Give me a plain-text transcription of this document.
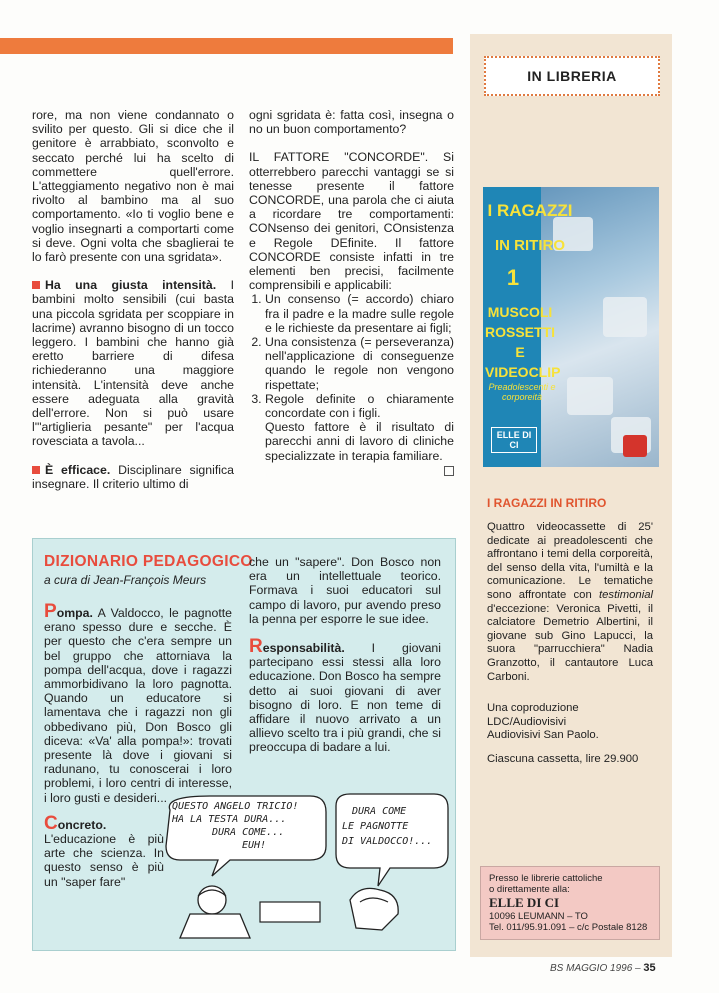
IN LIBRERIA
I RAGAZZI
IN RITIRO
1
MUSCOLI ROSSETTI E VIDEOCLIP
Preadolescenti e corporeità
ELLE DI CI
I RAGAZZI IN RITIRO
Quattro videocassette di 25' dedicate ai preadolescenti che affrontano i temi della corporeità, del senso della vita, l'umiltà e la comunicazione. Le tematiche sono affrontate con testimonial d'eccezione: Veronica Pivetti, il calciatore Demetrio Albertini, il giovane sub Gino Lapucci, la suora "parrucchiera" Nadia Granzotto, il cantautore Luca Carboni.
Una coproduzione
LDC/Audiovisivi
Audiovisivi San Paolo.
Ciascuna cassetta, lire 29.900
Presso le librerie cattoliche
o direttamente alla:
ELLE DI CI
10096 LEUMANN – TO
Tel. 011/95.91.091 – c/c Postale 8128

rore, ma non viene condannato o svilito per questo. Gli si dice che il genitore è arrabbiato, sconvolto e seccato perché lui ha scelto di commettere quell'errore. L'atteggiamento negativo non è mai rivolto al bambino ma al suo comportamento. «Io ti voglio bene e voglio insegnarti a comportarti come si deve. Ogni volta che sbaglierai te lo farò presente con una sgridata».

Ha una giusta intensità. I bambini molto sensibili (cui basta una piccola sgridata per scoppiare in lacrime) avranno bisogno di un tocco leggero. I bambini che hanno già eretto barriere di difesa richiederanno una maggiore intensità. L'intensità deve anche essere adeguata alla gravità dell'errore. Non si può usare l'"artiglieria pesante" per l'acqua rovesciata a tavola...

È efficace. Disciplinare significa insegnare. Il criterio ultimo di

ogni sgridata è: fatta così, insegna o no un buon comportamento?

IL FATTORE "CONCORDE". Si otterrebbero parecchi vantaggi se si tenesse presente il fattore CONCORDE, una parola che ci aiuta a ricordare tre comportamenti: CONsenso dei genitori, COnsistenza e Regole DEfinite. Il fattore CONCORDE consiste infatti in tre elementi ben precisi, facilmente comprensibili e applicabili:

1. Un consenso (= accordo) chiaro fra il padre e la madre sulle regole e le richieste da presentare ai figli;
2. Una consistenza (= perseveranza) nell'applicazione di conseguenze quando le regole non vengono rispettate;
3. Regole definite o chiaramente concordate con i figli.

Questo fattore è il risultato di parecchi anni di lavoro di cliniche specializzate in terapia familiare.

DIZIONARIO PEDAGOGICO
a cura di Jean-François Meurs

Pompa. A Valdocco, le pagnotte erano spesso dure e secche. È per questo che c'era sempre un bel gruppo che attorniava la pompa dell'acqua, dove i ragazzi ammorbidivano la loro pagnotta. Quando un educatore si lamentava che i ragazzi non gli obbedivano più, Don Bosco gli diceva: «Va' alla pompa!»: trovati presente là dove i giovani si radunano, tu conoscerai i loro problemi, i loro centri di interesse, i loro gusti e desideri...

Concreto. L'educazione è più arte che scienza. In questo senso è più un "saper fare"

che un "sapere". Don Bosco non era un intellettuale teorico. Formava i suoi educatori sul campo di lavoro, pur avendo preso la penna per esporre le sue idee.

Responsabilità. I giovani partecipano essi stessi alla loro educazione. Don Bosco ha sempre detto ai suoi giovani di aver bisogno di loro. E non teme di affidare il nuovo arrivato a un allievo scelto tra i più grandi, che si preoccupa di badare a lui.

QUESTO ANGELO TRICIO!
HA LA TESTA DURA...
DURA COME...
EUH!
DURA COME
LE PAGNOTTE
DI VALDOCCO!...
BS MAGGIO 1996 – 35
